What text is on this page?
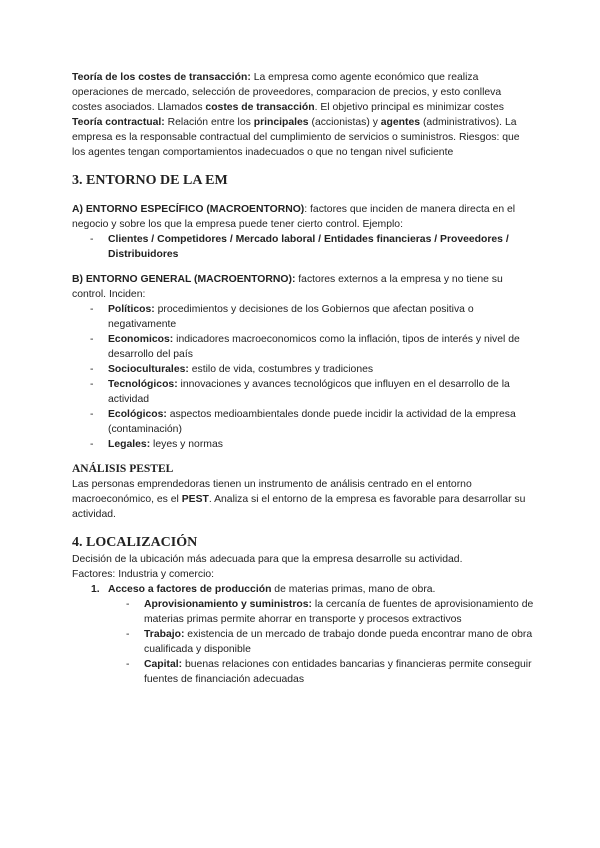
Teoría de los costes de transacción: La empresa como agente económico que realiza operaciones de mercado, selección de proveedores, comparacion de precios, y esto conlleva costes asociados. Llamados costes de transacción. El objetivo principal es minimizar costes

Teoría contractual: Relación entre los principales (accionistas) y agentes (administrativos). La empresa es la responsable contractual del cumplimiento de servicios o suministros. Riesgos: que los agentes tengan comportamientos inadecuados o que no tengan nivel suficiente

3. ENTORNO DE LA EM

A) ENTORNO ESPECÍFICO (MACROENTORNO): factores que inciden de manera directa en el negocio y sobre los que la empresa puede tener cierto control. Ejemplo:

- Clientes / Competidores / Mercado laboral / Entidades financieras / Proveedores / Distribuidores

B) ENTORNO GENERAL (MACROENTORNO): factores externos a la empresa y no tiene su control. Inciden:

- Políticos: procedimientos y decisiones de los Gobiernos que afectan positiva o negativamente
- Economicos: indicadores macroeconomicos como la inflación, tipos de interés y nivel de desarrollo del país
- Socioculturales: estilo de vida, costumbres y tradiciones
- Tecnológicos: innovaciones y avances tecnológicos que influyen en el desarrollo de la actividad
- Ecológicos: aspectos medioambientales donde puede incidir la actividad de la empresa (contaminación)
- Legales: leyes y normas
ANÁLISIS PESTEL

Las personas emprendedoras tienen un instrumento de análisis centrado en el entorno macroeconómico, es el PEST. Analiza si el entorno de la empresa es favorable para desarrollar su actividad.

4. LOCALIZACIÓN

Decisión de la ubicación más adecuada para que la empresa desarrolle su actividad.

Factores: Industria y comercio:

1. Acceso a factores de producción de materias primas, mano de obra.
- Aprovisionamiento y suministros: la cercanía de fuentes de aprovisionamiento de materias primas permite ahorrar en transporte y procesos extractivos
- Trabajo: existencia de un mercado de trabajo donde pueda encontrar mano de obra cualificada y disponible
- Capital: buenas relaciones con entidades bancarias y financieras permite conseguir fuentes de financiación adecuadas
